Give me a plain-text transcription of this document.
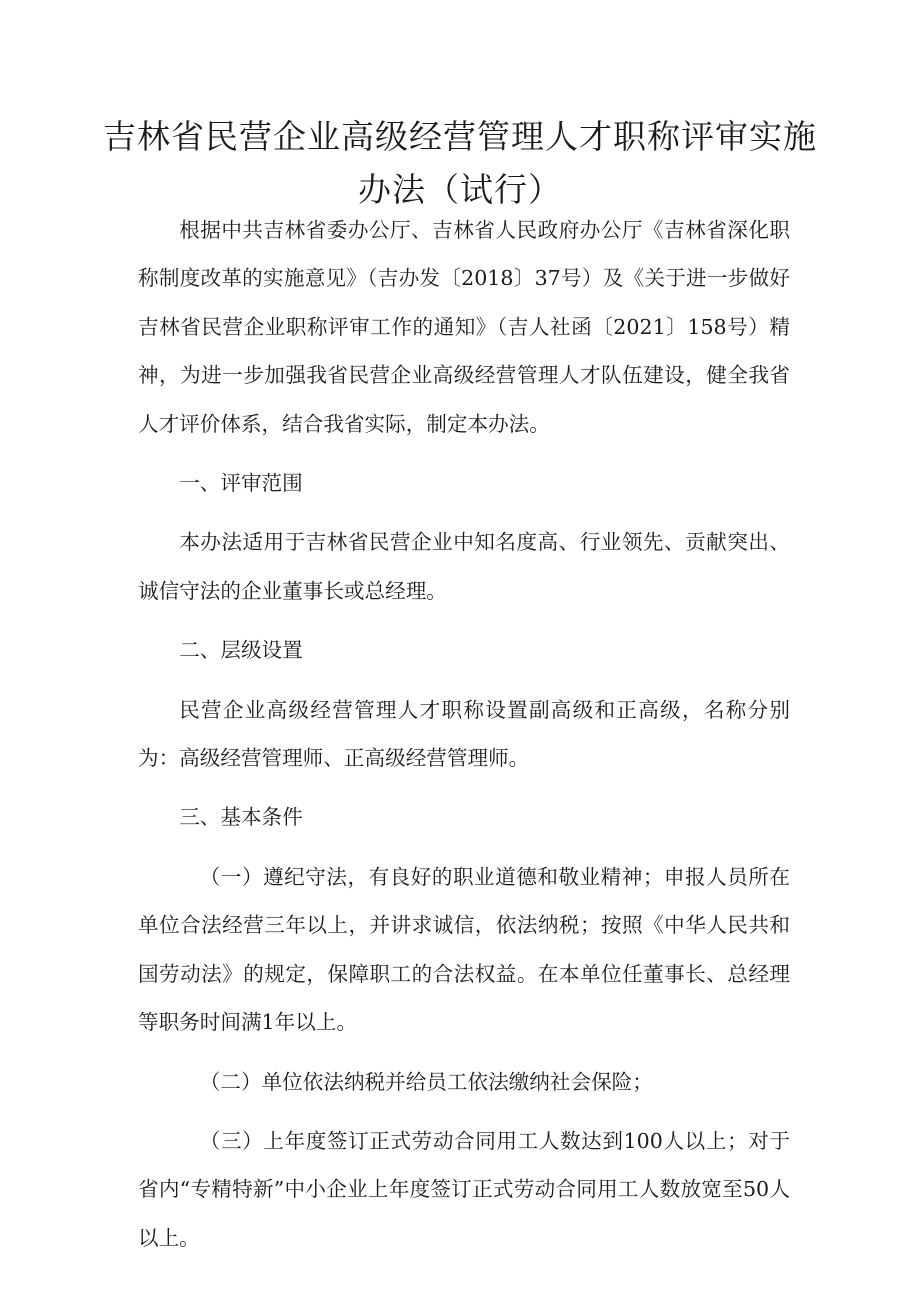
吉林省民营企业高级经营管理人才职称评审实施办法（试行）

根据中共吉林省委办公厅、吉林省人民政府办公厅《吉林省深化职称制度改革的实施意见》（吉办发〔2018〕37号）及《关于进一步做好吉林省民营企业职称评审工作的通知》（吉人社函〔2021〕158号）精神，为进一步加强我省民营企业高级经营管理人才队伍建设，健全我省人才评价体系，结合我省实际，制定本办法。

一、评审范围

本办法适用于吉林省民营企业中知名度高、行业领先、贡献突出、诚信守法的企业董事长或总经理。

二、层级设置

民营企业高级经营管理人才职称设置副高级和正高级，名称分别为：高级经营管理师、正高级经营管理师。

三、基本条件

（一）遵纪守法，有良好的职业道德和敬业精神；申报人员所在单位合法经营三年以上，并讲求诚信，依法纳税；按照《中华人民共和国劳动法》的规定，保障职工的合法权益。在本单位任董事长、总经理等职务时间满1年以上。

（二）单位依法纳税并给员工依法缴纳社会保险；

（三）上年度签订正式劳动合同用工人数达到100人以上；对于省内“专精特新”中小企业上年度签订正式劳动合同用工人数放宽至50人以上。
